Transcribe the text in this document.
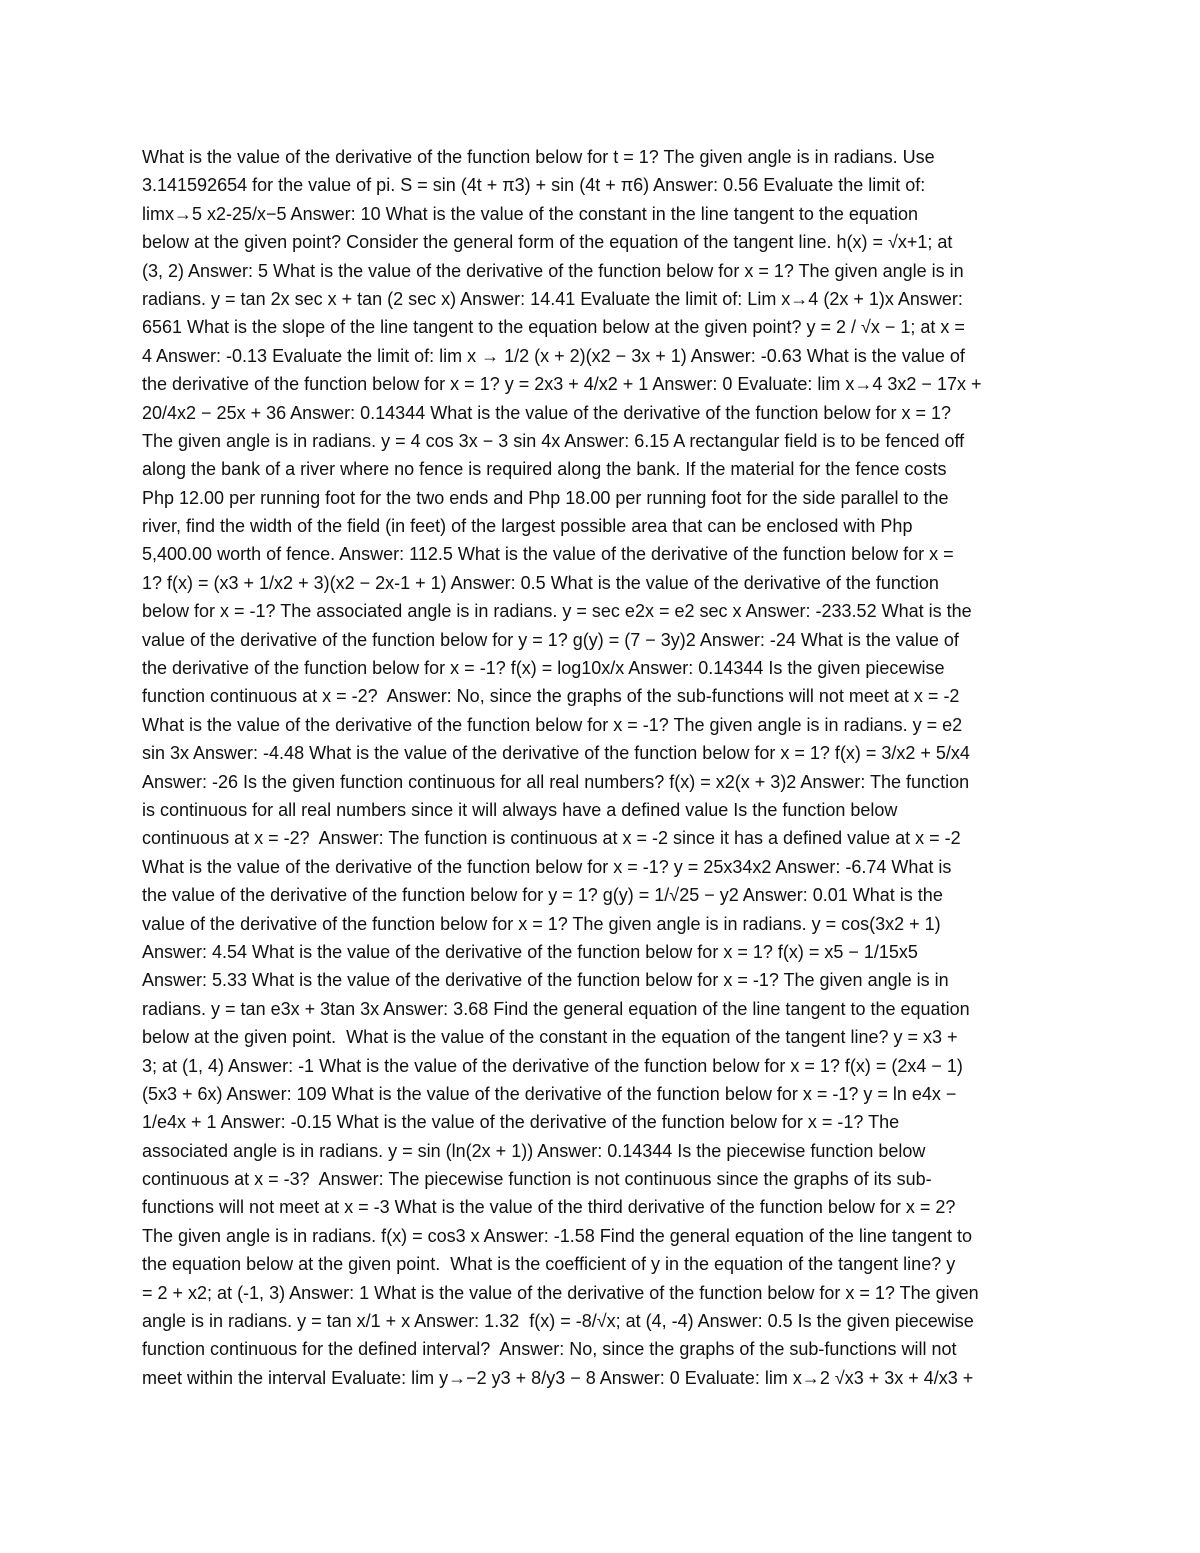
What is the value of the derivative of the function below for t = 1? The given angle is in radians. Use
3.141592654 for the value of pi. S = sin (4t + π3) + sin (4t + π6) Answer: 0.56 Evaluate the limit of:
limx→5 x2-25/x−5 Answer: 10 What is the value of the constant in the line tangent to the equation
below at the given point? Consider the general form of the equation of the tangent line. h(x) = √x+1; at
(3, 2) Answer: 5 What is the value of the derivative of the function below for x = 1? The given angle is in
radians. y = tan 2x sec x + tan (2 sec x) Answer: 14.41 Evaluate the limit of: Lim x→4 (2x + 1)x Answer:
6561 What is the slope of the line tangent to the equation below at the given point? y = 2 / √x − 1; at x =
4 Answer: -0.13 Evaluate the limit of: lim x → 1/2 (x + 2)(x2 − 3x + 1) Answer: -0.63 What is the value of
the derivative of the function below for x = 1? y = 2x3 + 4/x2 + 1 Answer: 0 Evaluate: lim x→4 3x2 − 17x +
20/4x2 − 25x + 36 Answer: 0.14344 What is the value of the derivative of the function below for x = 1?
The given angle is in radians. y = 4 cos 3x − 3 sin 4x Answer: 6.15 A rectangular field is to be fenced off
along the bank of a river where no fence is required along the bank. If the material for the fence costs
Php 12.00 per running foot for the two ends and Php 18.00 per running foot for the side parallel to the
river, find the width of the field (in feet) of the largest possible area that can be enclosed with Php
5,400.00 worth of fence. Answer: 112.5 What is the value of the derivative of the function below for x =
1? f(x) = (x3 + 1/x2 + 3)(x2 − 2x-1 + 1) Answer: 0.5 What is the value of the derivative of the function
below for x = -1? The associated angle is in radians. y = sec e2x = e2 sec x Answer: -233.52 What is the
value of the derivative of the function below for y = 1? g(y) = (7 − 3y)2 Answer: -24 What is the value of
the derivative of the function below for x = -1? f(x) = log10x/x Answer: 0.14344 Is the given piecewise
function continuous at x = -2?  Answer: No, since the graphs of the sub-functions will not meet at x = -2
What is the value of the derivative of the function below for x = -1? The given angle is in radians. y = e2
sin 3x Answer: -4.48 What is the value of the derivative of the function below for x = 1? f(x) = 3/x2 + 5/x4
Answer: -26 Is the given function continuous for all real numbers? f(x) = x2(x + 3)2 Answer: The function
is continuous for all real numbers since it will always have a defined value Is the function below
continuous at x = -2?  Answer: The function is continuous at x = -2 since it has a defined value at x = -2
What is the value of the derivative of the function below for x = -1? y = 25x34x2 Answer: -6.74 What is
the value of the derivative of the function below for y = 1? g(y) = 1/√25 − y2 Answer: 0.01 What is the
value of the derivative of the function below for x = 1? The given angle is in radians. y = cos(3x2 + 1)
Answer: 4.54 What is the value of the derivative of the function below for x = 1? f(x) = x5 − 1/15x5
Answer: 5.33 What is the value of the derivative of the function below for x = -1? The given angle is in
radians. y = tan e3x + 3tan 3x Answer: 3.68 Find the general equation of the line tangent to the equation
below at the given point.  What is the value of the constant in the equation of the tangent line? y = x3 +
3; at (1, 4) Answer: -1 What is the value of the derivative of the function below for x = 1? f(x) = (2x4 − 1)
(5x3 + 6x) Answer: 109 What is the value of the derivative of the function below for x = -1? y = ln e4x −
1/e4x + 1 Answer: -0.15 What is the value of the derivative of the function below for x = -1? The
associated angle is in radians. y = sin (ln(2x + 1)) Answer: 0.14344 Is the piecewise function below
continuous at x = -3?  Answer: The piecewise function is not continuous since the graphs of its sub-
functions will not meet at x = -3 What is the value of the third derivative of the function below for x = 2?
The given angle is in radians. f(x) = cos3 x Answer: -1.58 Find the general equation of the line tangent to
the equation below at the given point.  What is the coefficient of y in the equation of the tangent line? y
= 2 + x2; at (-1, 3) Answer: 1 What is the value of the derivative of the function below for x = 1? The given
angle is in radians. y = tan x/1 + x Answer: 1.32  f(x) = -8/√x; at (4, -4) Answer: 0.5 Is the given piecewise
function continuous for the defined interval?  Answer: No, since the graphs of the sub-functions will not
meet within the interval Evaluate: lim y→−2 y3 + 8/y3 − 8 Answer: 0 Evaluate: lim x→2 √x3 + 3x + 4/x3 +
